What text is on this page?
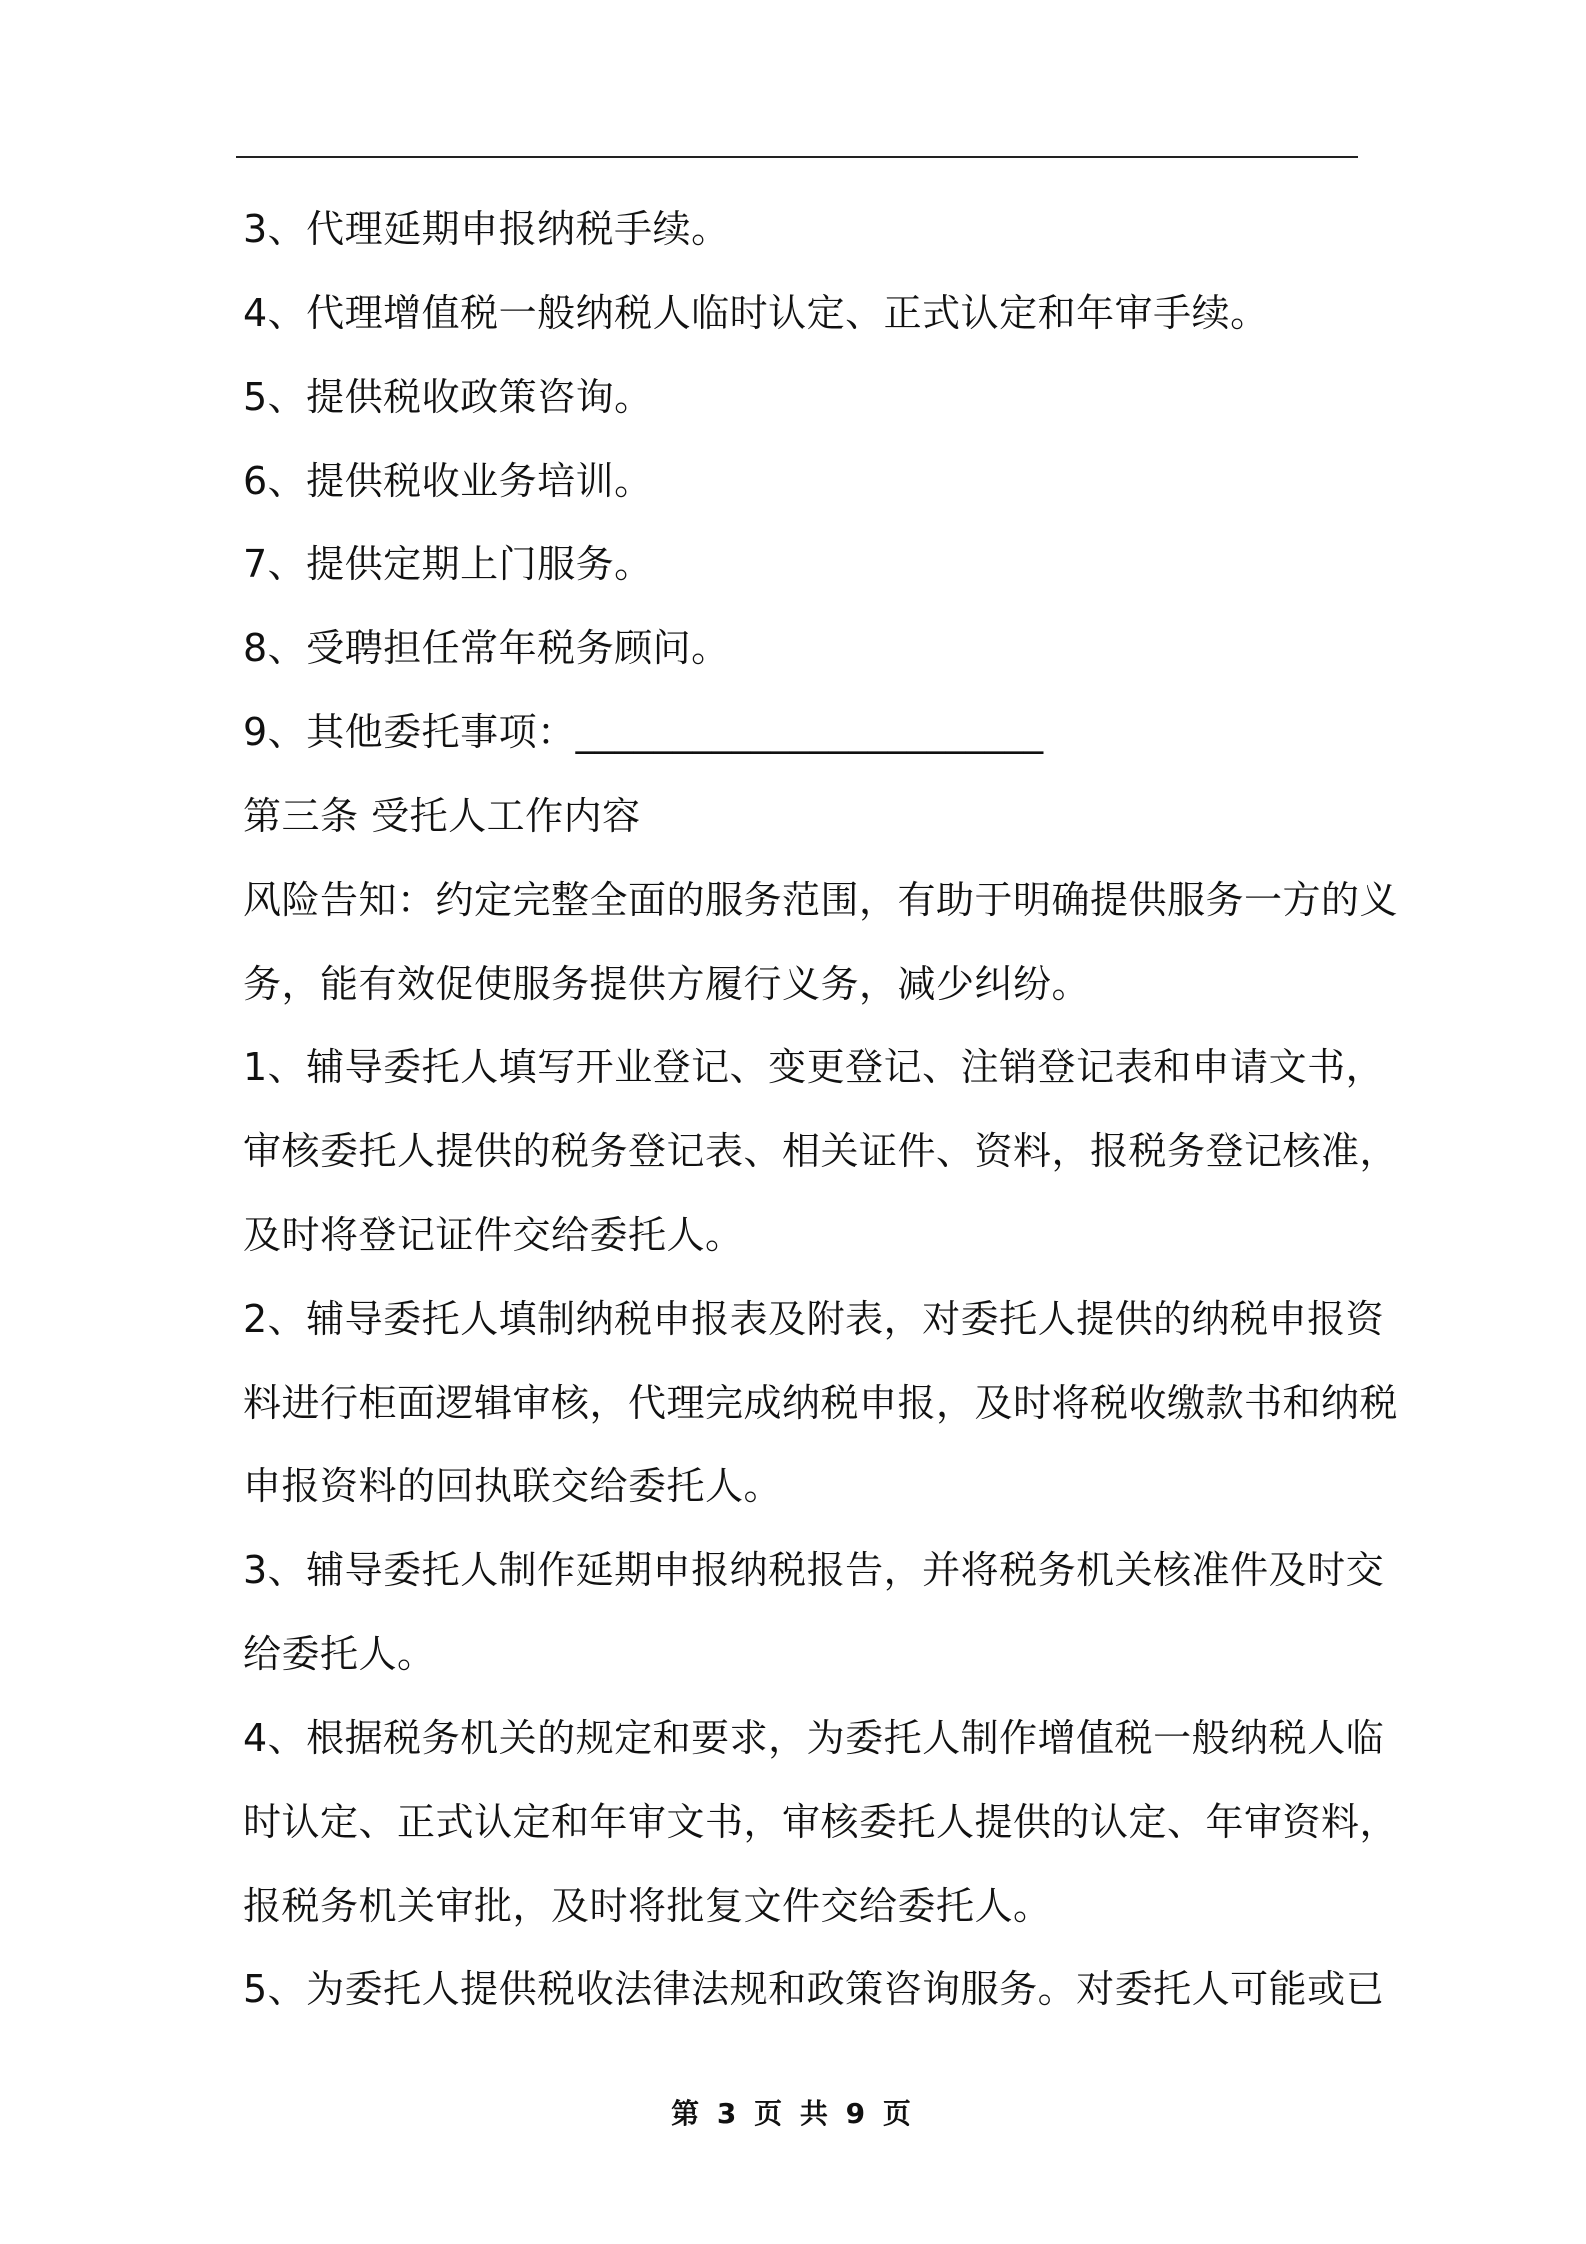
3、代理延期申报纳税手续。
4、代理增值税一般纳税人临时认定、正式认定和年审手续。
5、提供税收政策咨询。
6、提供税收业务培训。
7、提供定期上门服务。
8、受聘担任常年税务顾问。
9、其他委托事项：________________________
第三条 受托人工作内容
风险告知：约定完整全面的服务范围，有助于明确提供服务一方的义
务，能有效促使服务提供方履行义务，减少纠纷。
1、辅导委托人填写开业登记、变更登记、注销登记表和申请文书，
审核委托人提供的税务登记表、相关证件、资料，报税务登记核准，
及时将登记证件交给委托人。
2、辅导委托人填制纳税申报表及附表，对委托人提供的纳税申报资
料进行柜面逻辑审核，代理完成纳税申报，及时将税收缴款书和纳税
申报资料的回执联交给委托人。
3、辅导委托人制作延期申报纳税报告，并将税务机关核准件及时交
给委托人。
4、根据税务机关的规定和要求，为委托人制作增值税一般纳税人临
时认定、正式认定和年审文书，审核委托人提供的认定、年审资料，
报税务机关审批，及时将批复文件交给委托人。
5、为委托人提供税收法律法规和政策咨询服务。对委托人可能或已
第 3 页 共 9 页
